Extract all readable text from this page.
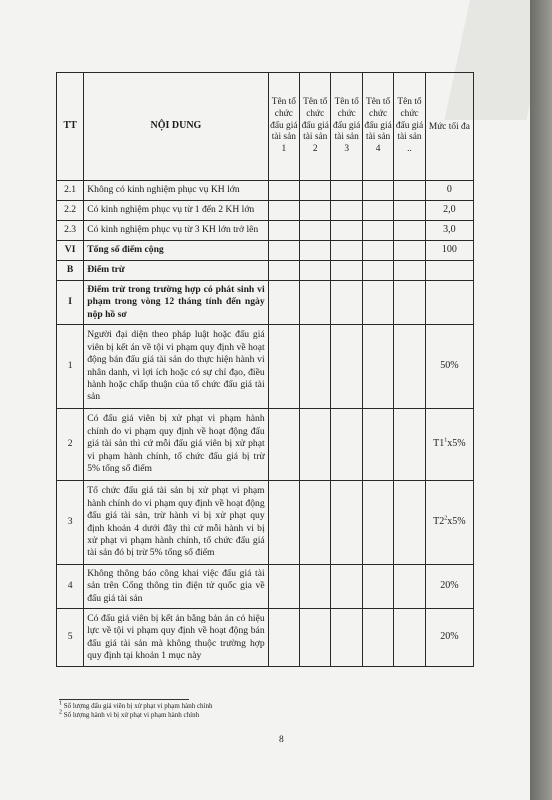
TT	NỘI DUNG	Tên tổ chức đấu giá tài sản 1	Tên tổ chức đấu giá tài sản 2	Tên tổ chức đấu giá tài sản 3	Tên tổ chức đấu giá tài sản 4	Tên tổ chức đấu giá tài sản ..	Mức tối đa
2.1	Không có kinh nghiệm phục vụ KH lớn						0
2.2	Có kinh nghiệm phục vụ từ 1 đến 2 KH lớn						2,0
2.3	Có kinh nghiệm phục vụ từ 3 KH lớn trở lên						3,0
VI	Tổng số điểm cộng						100
B	Điểm trừ						
I	Điểm trừ trong trường hợp có phát sinh vi phạm trong vòng 12 tháng tính đến ngày nộp hồ sơ						
1	Người đại diện theo pháp luật hoặc đấu giá viên bị kết án về tội vi phạm quy định về hoạt động bán đấu giá tài sản do thực hiện hành vi nhân danh, vì lợi ích hoặc có sự chỉ đạo, điều hành hoặc chấp thuận của tổ chức đấu giá tài sản						50%
2	Có đấu giá viên bị xử phạt vi phạm hành chính do vi phạm quy định về hoạt động đấu giá tài sản thì cứ mỗi đấu giá viên bị xử phạt vi phạm hành chính, tổ chức đấu giá bị trừ 5% tổng số điểm						$T1^1x5\%$
3	Tổ chức đấu giá tài sản bị xử phạt vi phạm hành chính do vi phạm quy định về hoạt động đấu giá tài sản, trừ hành vi bị xử phạt quy định khoản 4 dưới đây thì cứ mỗi hành vi bị xử phạt vi phạm hành chính, tổ chức đấu giá tài sản đó bị trừ 5% tổng số điểm						$T2^2x5\%$
4	Không thông báo công khai việc đấu giá tài sản trên Cổng thông tin điện tử quốc gia về đấu giá tài sản						20%
5	Có đấu giá viên bị kết án bằng bản án có hiệu lực về tội vi phạm quy định về hoạt động bán đấu giá tài sản mà không thuộc trường hợp quy định tại khoản 1 mục này						20%
$^1$ Số lượng đấu giá viên bị xử phạt vi phạm hành chính
$^2$ Số lượng hành vi bị xử phạt vi phạm hành chính
8
